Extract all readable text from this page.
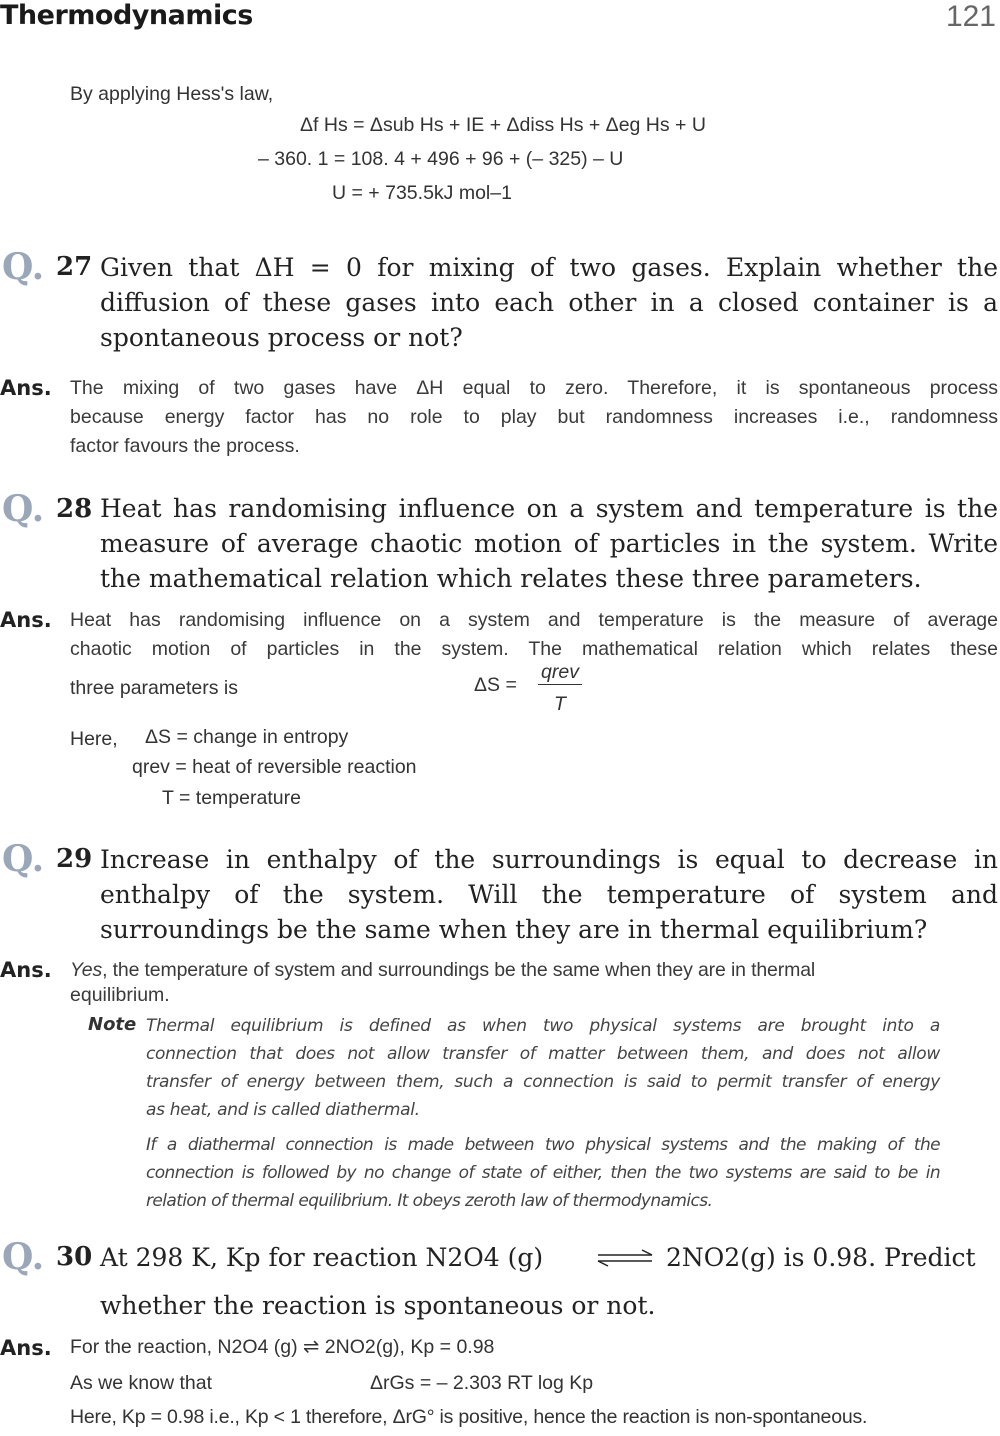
Thermodynamics	121
By applying Hess's law,
Δf Hs = Δsub Hs + IE + Δdiss Hs + Δeg Hs + U
– 360. 1 = 108. 4 + 496 + 96 + (– 325) – U
U = + 735.5kJ mol–1
Q. 27 Given that ΔH = 0 for mixing of two gases. Explain whether the
diffusion of these gases into each other in a closed container is a
spontaneous process or not?
Ans. The mixing of two gases have ΔH equal to zero. Therefore, it is spontaneous process
because energy factor has no role to play but randomness increases i.e., randomness
factor favours the process.
Q. 28 Heat has randomising influence on a system and temperature is the
measure of average chaotic motion of particles in the system. Write
the mathematical relation which relates these three parameters.
Ans. Heat has randomising influence on a system and temperature is the measure of average
chaotic motion of particles in the system. The mathematical relation which relates these
three parameters is	ΔS =
qrev
T
Here, ΔS = change in entropy
qrev = heat of reversible reaction
T = temperature
Q. 29 Increase in enthalpy of the surroundings is equal to decrease in
enthalpy of the system. Will the temperature of system and
surroundings be the same when they are in thermal equilibrium?
Ans. Yes, the temperature of system and surroundings be the same when they are in thermal
equilibrium.
Note Thermal equilibrium is defined as when two physical systems are brought into a
connection that does not allow transfer of matter between them, and does not allow
transfer of energy between them, such a connection is said to permit transfer of energy
as heat, and is called diathermal.
If a diathermal connection is made between two physical systems and the making of the
connection is followed by no change of state of either, then the two systems are said to be in
relation of thermal equilibrium. It obeys zeroth law of thermodynamics.
Q. 30 At 298 K, Kp for reaction N2O4 (g)	⇌ 2NO2(g) is 0.98. Predict
whether the reaction is spontaneous or not.
Ans. For the reaction, N2O4 (g) ⇌ 2NO2(g), Kp = 0.98
As we know that	ΔrGs = – 2.303 RT log Kp
Here, Kp = 0.98 i.e., Kp < 1 therefore, ΔrG° is positive, hence the reaction is non-spontaneous.
